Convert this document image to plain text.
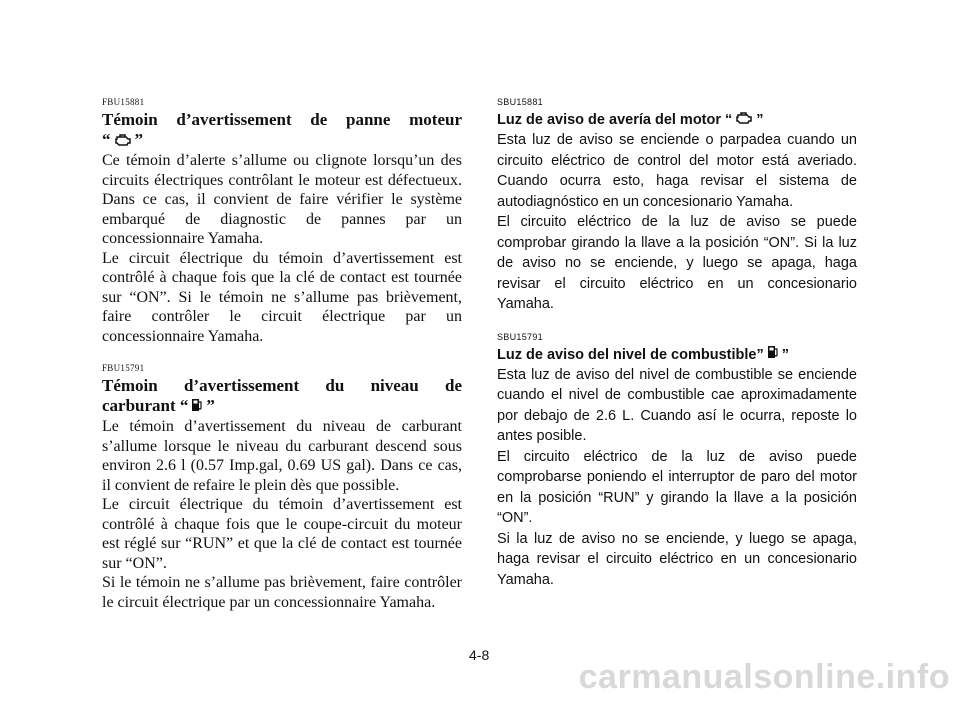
FBU15881

Témoin d’avertissement de panne moteur
“ ”

Ce témoin d’alerte s’allume ou clignote lorsqu’un des circuits électriques contrôlant le moteur est défectueux. Dans ce cas, il convient de faire vérifier le système embarqué de diagnostic de pannes par un concessionnaire Yamaha.

Le circuit électrique du témoin d’avertissement est contrôlé à chaque fois que la clé de contact est tournée sur “ON”. Si le témoin ne s’allume pas brièvement, faire contrôler le circuit électrique par un concessionnaire Yamaha.

FBU15791

Témoin d’avertissement du niveau de
carburant “ ”

Le témoin d’avertissement du niveau de carburant s’allume lorsque le niveau du carburant descend sous environ 2.6 l (0.57 Imp.gal, 0.69 US gal). Dans ce cas, il convient de refaire le plein dès que possible.

Le circuit électrique du témoin d’avertissement est contrôlé à chaque fois que le coupe-circuit du moteur est réglé sur “RUN” et que la clé de contact est tournée sur “ON”.

Si le témoin ne s’allume pas brièvement, faire contrôler le circuit électrique par un concessionnaire Yamaha.

SBU15881

Luz de aviso de avería del motor “ ”

Esta luz de aviso se enciende o parpadea cuando un circuito eléctrico de control del motor está averiado. Cuando ocurra esto, haga revisar el sistema de autodiagnóstico en un concesionario Yamaha.

El circuito eléctrico de la luz de aviso se puede comprobar girando la llave a la posición “ON”. Si la luz de aviso no se enciende, y luego se apaga, haga revisar el circuito eléctrico en un concesionario Yamaha.

SBU15791

Luz de aviso del nivel de combustible” ”

Esta luz de aviso del nivel de combustible se enciende cuando el nivel de combustible cae aproximadamente por debajo de 2.6 L. Cuando así le ocurra, reposte lo antes posible.

El circuito eléctrico de la luz de aviso puede comprobarse poniendo el interruptor de paro del motor en la posición “RUN” y girando la llave a la posición “ON”.

Si la luz de aviso no se enciende, y luego se apaga, haga revisar el circuito eléctrico en un concesionario Yamaha.

4-8
carmanualsonline.info
